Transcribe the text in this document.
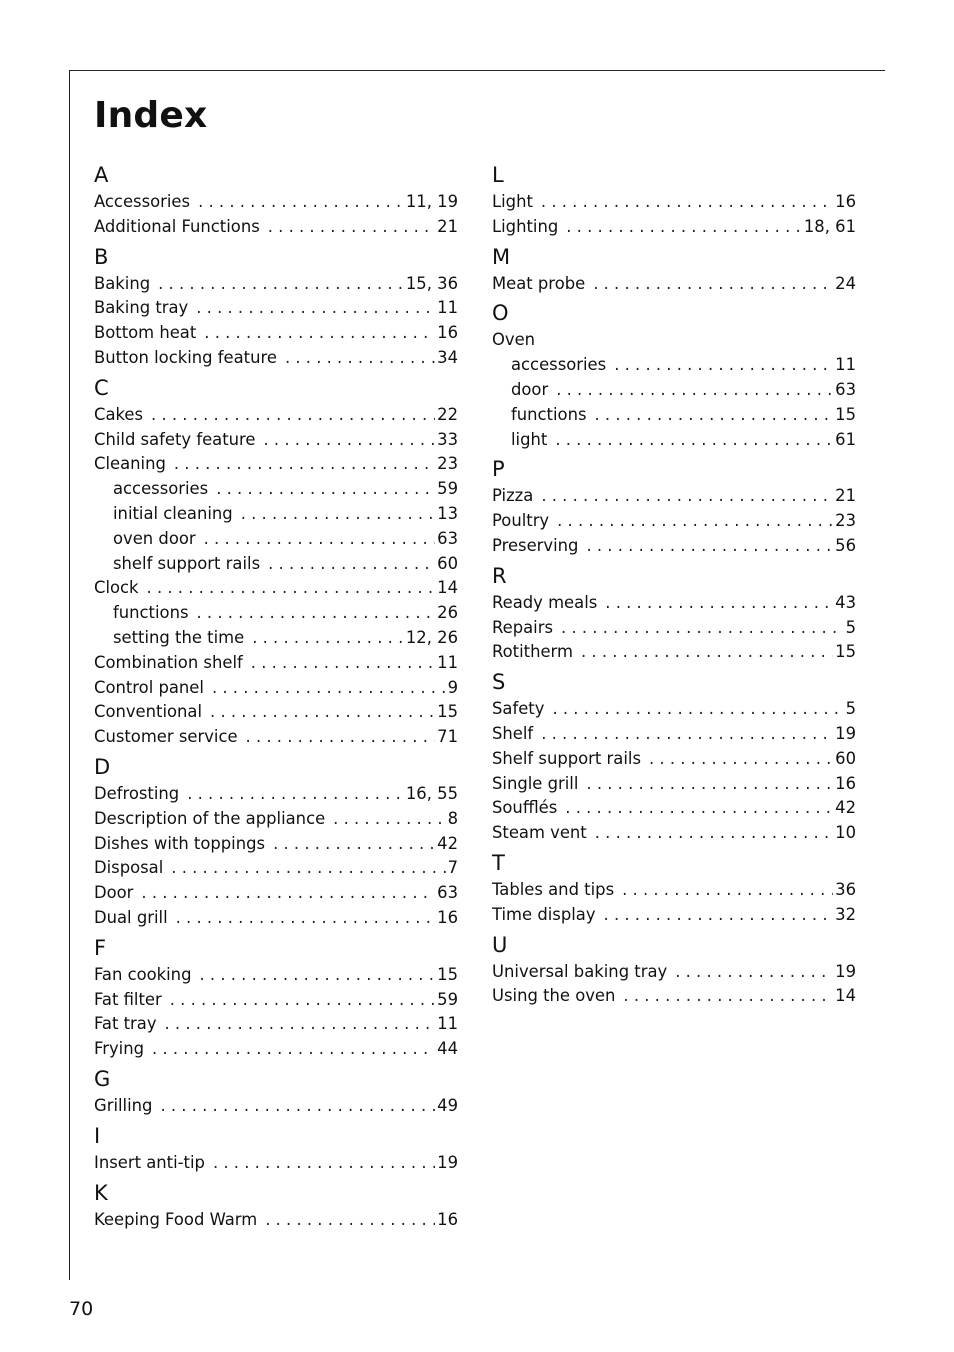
Index
A
Accessories . . .	11, 19
Additional Functions . . .	21
B
Baking . . .	15, 36
Baking tray . . .	11
Bottom heat . . .	16
Button locking feature . . .	34
C
Cakes . . .	22
Child safety feature . . .	33
Cleaning . . .	23
accessories . . .	59
initial cleaning . . .	13
oven door . . .	63
shelf support rails . . .	60
Clock . . .	14
functions . . .	26
setting the time . . .	12, 26
Combination shelf . . .	11
Control panel . . .	9
Conventional . . .	15
Customer service . . .	71
D
Defrosting . . .	16, 55
Description of the appliance . . .	8
Dishes with toppings . . .	42
Disposal . . .	7
Door . . .	63
Dual grill . . .	16
F
Fan cooking . . .	15
Fat filter . . .	59
Fat tray . . .	11
Frying . . .	44
G
Grilling . . .	49
I
Insert anti-tip . . .	19
K
Keeping Food Warm . . .	16
L
Light . . .	16
Lighting . . .	18, 61
M
Meat probe . . .	24
O
Oven
accessories . . .	11
door . . .	63
functions . . .	15
light . . .	61
P
Pizza . . .	21
Poultry . . .	23
Preserving . . .	56
R
Ready meals . . .	43
Repairs . . .	5
Rotitherm . . .	15
S
Safety . . .	5
Shelf . . .	19
Shelf support rails . . .	60
Single grill . . .	16
Soufflés . . .	42
Steam vent . . .	10
T
Tables and tips . . .	36
Time display . . .	32
U
Universal baking tray . . .	19
Using the oven . . .	14
70
